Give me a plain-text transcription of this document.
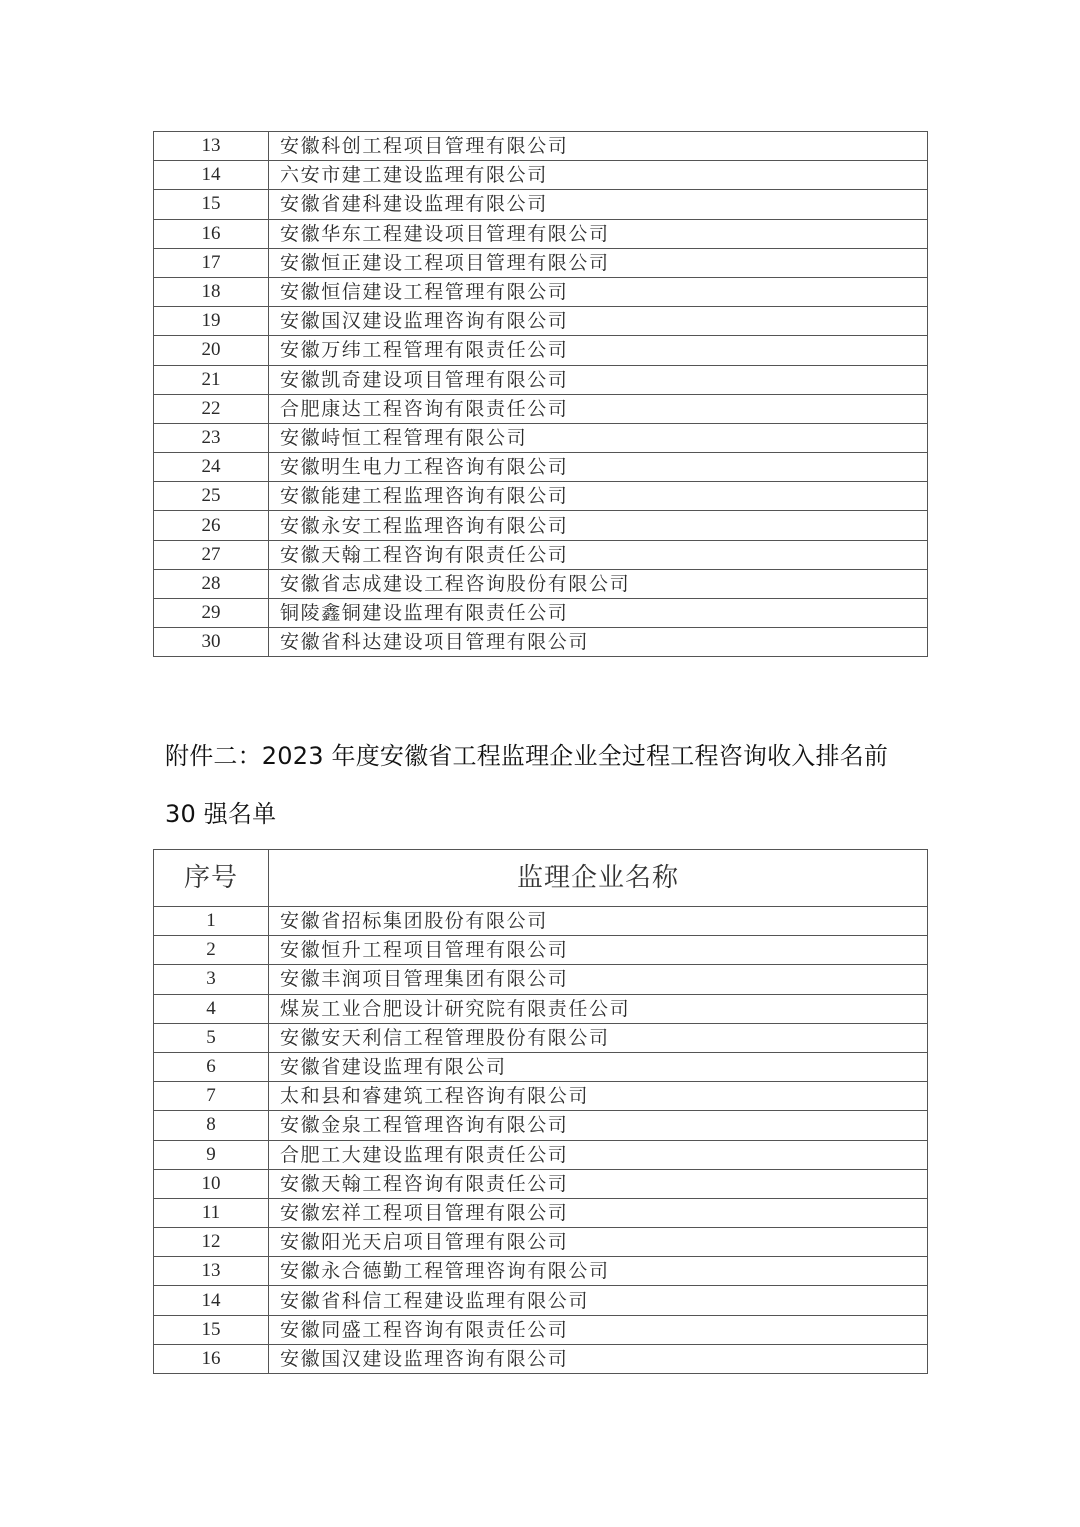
13	安徽科创工程项目管理有限公司
14	六安市建工建设监理有限公司
15	安徽省建科建设监理有限公司
16	安徽华东工程建设项目管理有限公司
17	安徽恒正建设工程项目管理有限公司
18	安徽恒信建设工程管理有限公司
19	安徽国汉建设监理咨询有限公司
20	安徽万纬工程管理有限责任公司
21	安徽凯奇建设项目管理有限公司
22	合肥康达工程咨询有限责任公司
23	安徽峙恒工程管理有限公司
24	安徽明生电力工程咨询有限公司
25	安徽能建工程监理咨询有限公司
26	安徽永安工程监理咨询有限公司
27	安徽天翰工程咨询有限责任公司
28	安徽省志成建设工程咨询股份有限公司
29	铜陵鑫铜建设监理有限责任公司
30	安徽省科达建设项目管理有限公司
附件二：2023 年度安徽省工程监理企业全过程工程咨询收入排名前
30 强名单
序号	监理企业名称
1	安徽省招标集团股份有限公司
2	安徽恒升工程项目管理有限公司
3	安徽丰润项目管理集团有限公司
4	煤炭工业合肥设计研究院有限责任公司
5	安徽安天利信工程管理股份有限公司
6	安徽省建设监理有限公司
7	太和县和睿建筑工程咨询有限公司
8	安徽金泉工程管理咨询有限公司
9	合肥工大建设监理有限责任公司
10	安徽天翰工程咨询有限责任公司
11	安徽宏祥工程项目管理有限公司
12	安徽阳光天启项目管理有限公司
13	安徽永合德勤工程管理咨询有限公司
14	安徽省科信工程建设监理有限公司
15	安徽同盛工程咨询有限责任公司
16	安徽国汉建设监理咨询有限公司
